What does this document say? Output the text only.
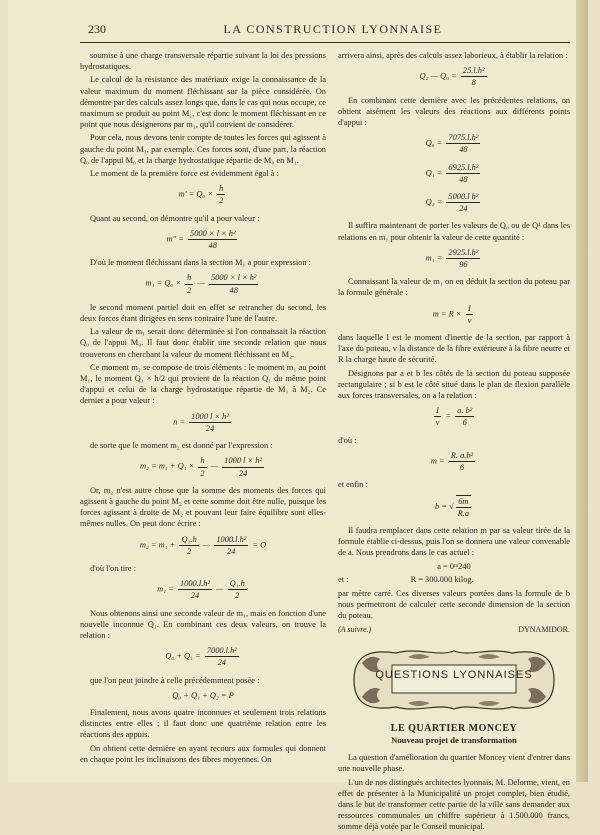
230	LA CONSTRUCTION LYONNAISE

soumise à une charge transversale répartie suivant la loi des pressions hydrostatiques.

Le calcul de la résistance des matériaux exige la connaissance de la valeur maximum du moment fléchissant sur la pièce considérée. On démontre par des calculs assez longs que, dans le cas qui nous occupe, ce maximum se produit au point M₁, c'est donc le moment fléchissant en ce point que nous désignerons par m₁, qu'il convient de considérer.

Pour cela, nous devons tenir compte de toutes les forces qui agissent à gauche du point M₁, par exemple. Ces forces sont, d'une part, la réaction Q₀ de l'appui M₀ et la charge hydrostatique répartie de M₀ en M₁.

Le moment de la première force est évidemment égal à :

$m' = Q_0 \times \frac{h}{2}$

Quant au second, on démontre qu'il a pour valeur :

$m'' = \frac{\text{5000 × l × h²}}{48}$

D'où le moment fléchissant dans la section M₁ a pour expression :

$m_1 = Q_0 \times \frac{h}{2}$ — $\frac{\text{5000 × l × h²}}{48}$

le second moment partiel doit en effet se retrancher du second, les deux forces étant dirigées en sens contraire l'une de l'autre.

La valeur de m₁ serait donc déterminée si l'on connaissait la réaction Q₀ de l'appui M₀. Il faut donc établir une seconde relation que nous trouverons en cherchant la valeur du moment fléchissant en M₂.

Ce moment m₂ se compose de trois éléments : le moment m₁ au point M₁, le moment Q₁ × h/2 qui provient de la réaction Q₁ du même point d'appui et celui de la charge hydrostatique répartie de M₁ à M₂. Ce dernier a pour valeur :

$n = \frac{\text{1000 l × h²}}{24}$

de sorte que le moment m₂ est donné par l'expression :

$m_2 = m_1 + Q_1 \times \frac{h}{2}$ — $\frac{\text{1000 l × h²}}{24}$

Or, m₂ n'est autre chose que la somme des moments des forces qui agissent à gauche du point M₂ et cette somme doit être nulle, puisque les forces agissant à droite de M₂ et pouvant leur faire équilibre sont elles-mêmes nulles. On peut donc écrire :

$m_2 = m_1 + \frac{\text{Q₁.h}}{2}$ — $\frac{\text{1000.l.h²}}{24} = O$

d'où l'on tire :

$m_1 = \frac{\text{1000.l.h²}}{24}$ — $\frac{\text{Q₁.h}}{2}$

Nous obtenons ainsi une seconde valeur de m₁, mais en fonction d'une nouvelle inconnue Q₁. En combinant ces deux valeurs, on trouve la relation :

$Q_0 + Q_1 = \frac{\text{7000.l.h²}}{24}$

que l'on peut joindre à celle précédemment posée :

Q₀ + Q₁ + Q₂ = P

Finalement, nous avons quatre inconnues et seulement trois relations distinctes entre elles ; il faut donc une quatrième relation entre les réactions des appuis.

On obtient cette dernière en ayant recours aux formules qui donnent en chaque point les inclinaisons des fibres moyennes. On

arrivera ainsi, après des calculs assez laborieux, à établir la relation :

Q₂ — $Q_0 = \frac{\text{25.l.h²}}{8}$

En combinant cette dernière avec les précédentes relations, on obtient aisément les valeurs des réactions aux différents points d'appui :

$Q_0 = \frac{\text{7075.l.h²}}{48}$
$Q_1 = \frac{\text{6925.l.h²}}{48}$
$Q_2 = \frac{\text{5000.l h²}}{24}$

Il suffira maintenant de porter les valeurs de Q₀ ou de Q¹ dans les relations en m₁ pour obtenir la valeur de cette quantité :

$m_1 = \frac{\text{2925.l.h²}}{96}$

Connaissant la valeur de m₁ on en déduit la section du poteau par la formule générale :

$m = R \times \frac{I}{v}$

dans laquelle I est le moment d'inertie de la section, par rapport à l'axe du poteau, v la distance de la fibre extérieure à la fibre neutre et R la charge haute de sécurité.

Désignons par a et b les côtés de la section du poteau supposée rectangulaire ; si b est le côté situé dans le plan de flexion parallèle aux forces transversales, on a la relation :

$\frac{I}{v} = \frac{\text{a. b²}}{6}$

d'où :

$m = \frac{\text{R. a.b²}}{6}$

et enfin :

b = √ $\frac{6m}{R.a}$

Il faudra remplacer dans cette relation m par sa valeur tirée de la formule établie ci-dessus, puis l'on se donnera une valeur convenable de a. Nous prendrons dans le cas actuel :

a = 0ᵐ240
et :	R = 300.000 kilog.

par mètre carré. Ces diverses valeurs portées dans la formule de b nous permettront de calculer cette seconde dimension de la section du poteau.

(A suivre.)	DYNAMIDOR.
QUESTIONS LYONNAISES
LE QUARTIER MONCEY
Nouveau projet de transformation

La question d'amélioration du quartier Moncey vient d'entrer dans une nouvelle phase.

L'un de nos distingués architectes lyonnais, M. Delorme, vient, en effet de présenter à la Municipalité un projet complet, bien étudié, dans le but de transformer cette partie de la ville sans demander aux ressources communales un chiffre supérieur à 1.500.000 francs, somme déjà votée par le Conseil municipal.
